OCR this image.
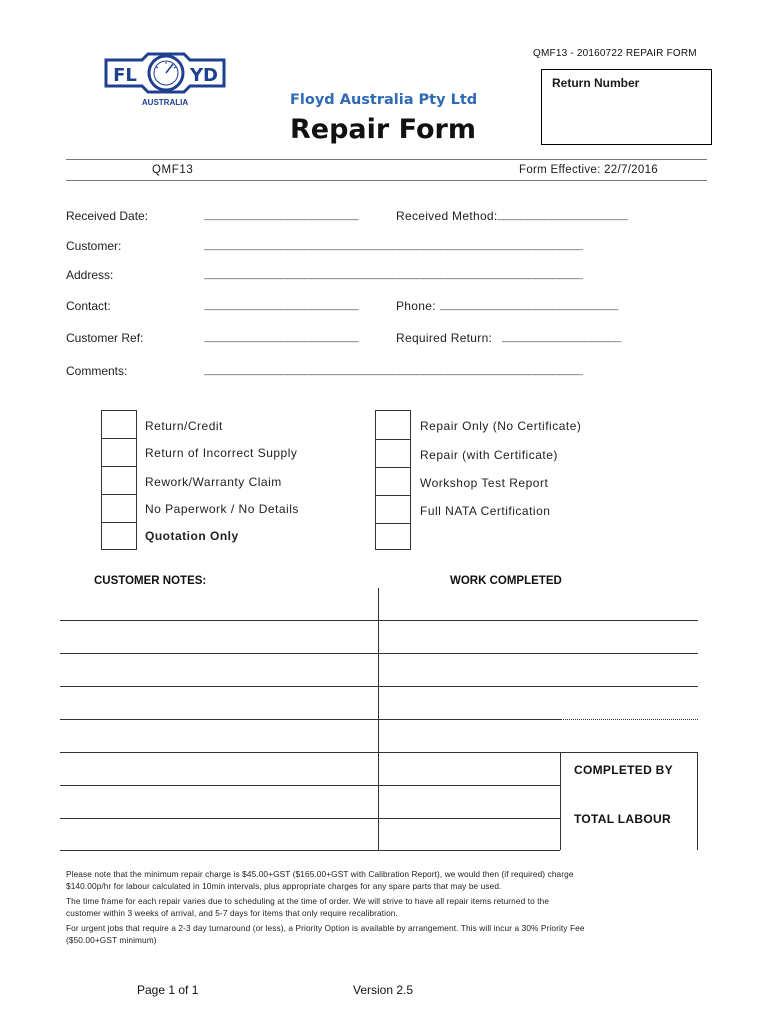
QMF13 - 20160722 REPAIR FORM
FL	YD
AUSTRALIA	Floyd Australia Pty Ltd
Repair Form
Return Number
QMF13	Form Effective: 22/7/2016
Received Date:	__________________________	Received Method: ______________________
Customer:	________________________________________________________________
Address:	________________________________________________________________
Contact:	__________________________	Phone: ______________________________
Customer Ref:	__________________________	Required Return: ____________________
Comments:	________________________________________________________________
Return/Credit
Return of Incorrect Supply
Rework/Warranty Claim
No Paperwork / No Details
Quotation Only
Repair Only (No Certificate)
Repair (with Certificate)
Workshop Test Report
Full NATA Certification
CUSTOMER NOTES:	WORK COMPLETED
COMPLETED BY
TOTAL LABOUR
Please note that the minimum repair charge is $45.00+GST ($165.00+GST with Calibration Report), we would then (if required) charge
$140.00p/hr for labour calculated in 10min intervals, plus appropriate charges for any spare parts that may be used.
The time frame for each repair varies due to scheduling at the time of order. We will strive to have all repair items returned to the
customer within 3 weeks of arrival, and 5-7 days for items that only require recalibration.
For urgent jobs that require a 2-3 day turnaround (or less), a Priority Option is available by arrangement. This will incur a 30% Priority Fee
($50.00+GST minimum)
Page 1 of 1	Version 2.5
